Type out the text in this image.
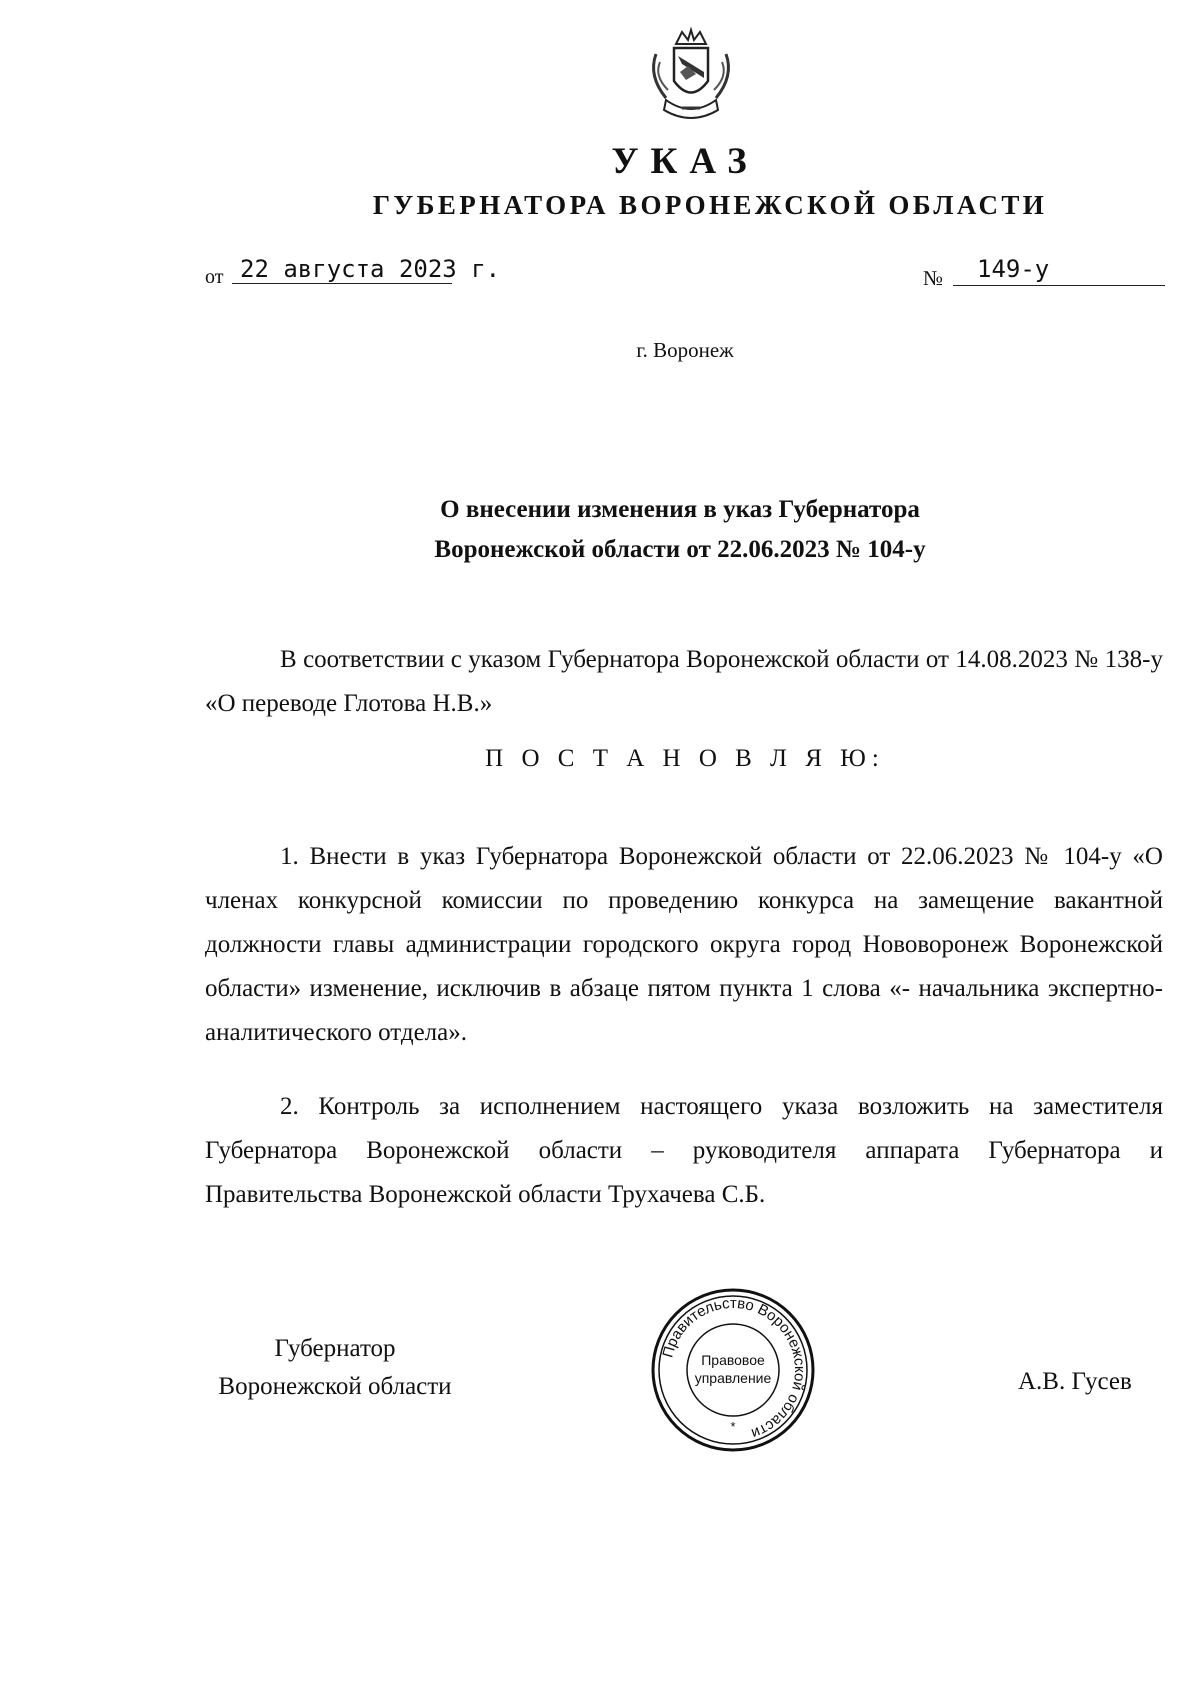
УКАЗ
ГУБЕРНАТОРА ВОРОНЕЖСКОЙ ОБЛАСТИ
от 22 августа 2023 г.	№ 149-у
г. Воронеж
О внесении изменения в указ Губернатора
Воронежской области от 22.06.2023 № 104-у

В соответствии с указом Губернатора Воронежской области от 14.08.2023 № 138-у «О переводе Глотова Н.В.»

П О С Т А Н О В Л Я Ю:

1. Внести в указ Губернатора Воронежской области от 22.06.2023 № 104-у «О членах конкурсной комиссии по проведению конкурса на замещение вакантной должности главы администрации городского округа город Нововоронеж Воронежской области» изменение, исключив в абзаце пятом пункта 1 слова «- начальника экспертно-аналитического отдела».

2. Контроль за исполнением настоящего указа возложить на заместителя Губернатора Воронежской области – руководителя аппарата Губернатора и Правительства Воронежской области Трухачева С.Б.

Губернатор
Воронежской области	А.В. Гусев
Правительство Воронежской области
Правовое
управление
*
